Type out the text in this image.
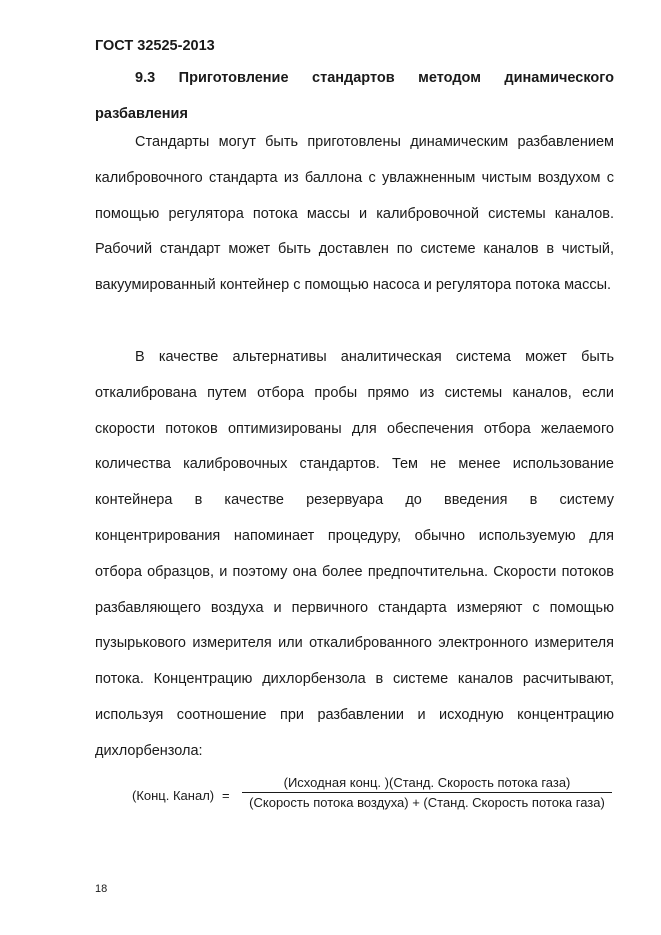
ГОСТ 32525-2013

9.3 Приготовление стандартов методом динамического разбавления

Стандарты могут быть приготовлены динамическим разбавлением калибровочного стандарта из баллона с увлажненным чистым воздухом с помощью регулятора потока массы и калибровочной системы каналов. Рабочий стандарт может быть доставлен по системе каналов в чистый, вакуумированный контейнер с помощью насоса и регулятора потока массы.

В качестве альтернативы аналитическая система может быть откалибрована путем отбора пробы прямо из системы каналов, если скорости потоков оптимизированы для обеспечения отбора желаемого количества калибровочных стандартов. Тем не менее использование контейнера в качестве резервуара до введения в систему концентрирования напоминает процедуру, обычно используемую для отбора образцов, и поэтому она более предпочтительна. Скорости потоков разбавляющего воздуха и первичного стандарта измеряют с помощью пузырькового измерителя или откалиброванного электронного измерителя потока. Концентрацию дихлорбензола в системе каналов расчитывают, используя соотношение при разбавлении и исходную концентрацию дихлорбензола:

(Конц. Канал) =
(Исходная конц. )(Станд. Скорость потока газа)
(Скорость потока воздуха) + (Станд. Скорость потока газа)
18
